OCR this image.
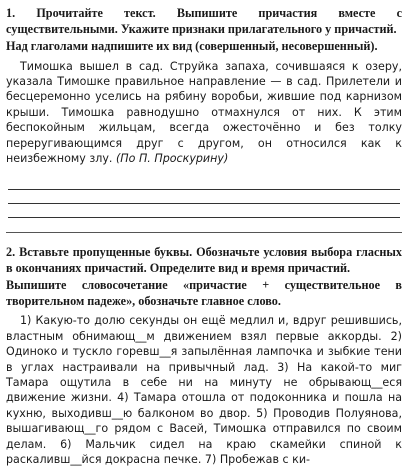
1. Прочитайте текст. Выпишите причастия вместе с существительными. Укажите признаки прилагательного у причастий.

Над глаголами надпишите их вид (совершенный, несовершенный).

Тимошка вышел в сад. Струйка запаха, сочившаяся к озеру, указала Тимошке правильное направление — в сад. Прилетели и бесцеремонно уселись на рябину воробьи, жившие под карнизом крыши. Тимошка равнодушно отмахнулся от них. К этим беспокойным жильцам, всегда ожесточённо и без толку переругивающимся друг с другом, он относился как к неизбежному злу. (По П. Проскурину)

2. Вставьте пропущенные буквы. Обозначьте условия выбора гласных в окончаниях причастий. Определите вид и время причастий.

Выпишите словосочетание «причастие + существительное в творительном падеже», обозначьте главное слово.

1) Какую-то долю секунды он ещё медлил и, вдруг решившись, властным обнимающ__м движением взял первые аккорды. 2) Одиноко и тускло горевш__я запылённая лампочка и зыбкие тени в углах настраивали на привычный лад. 3) На какой-то миг Тамара ощутила в себе ни на минуту не обрывающ__еся движение жизни. 4) Тамара отошла от подоконника и пошла на кухню, выходивш__ю балконом во двор. 5) Проводив Полуянова, вышагивающ__го рядом с Васей, Тимошка отправился по своим делам. 6) Мальчик сидел на краю скамейки спиной к раскаливш__йся докрасна печке. 7) Пробежав с ки-
